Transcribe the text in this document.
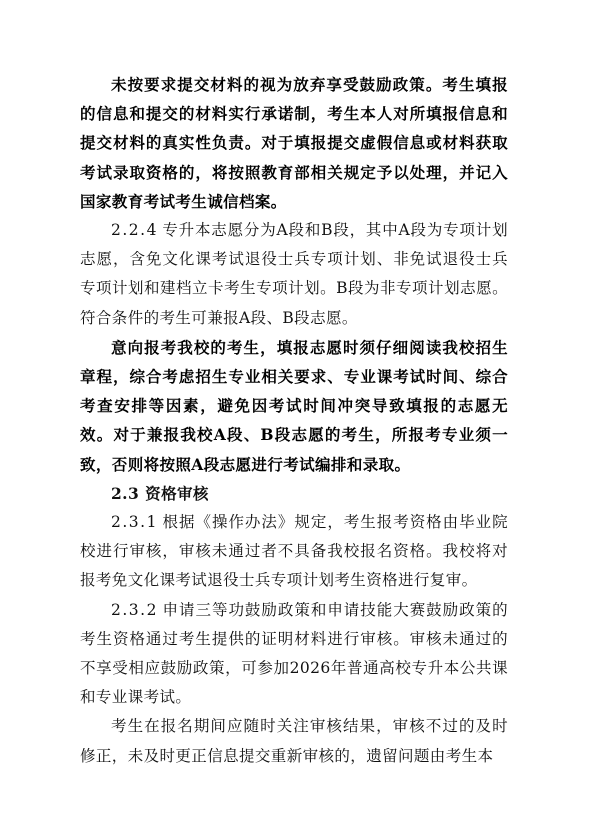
未按要求提交材料的视为放弃享受鼓励政策。考生填报的信息和提交的材料实行承诺制，考生本人对所填报信息和提交材料的真实性负责。对于填报提交虚假信息或材料获取考试录取资格的，将按照教育部相关规定予以处理，并记入国家教育考试考生诚信档案。

2.2.4 专升本志愿分为A段和B段，其中A段为专项计划志愿，含免文化课考试退役士兵专项计划、非免试退役士兵专项计划和建档立卡考生专项计划。B段为非专项计划志愿。符合条件的考生可兼报A段、B段志愿。

意向报考我校的考生，填报志愿时须仔细阅读我校招生章程，综合考虑招生专业相关要求、专业课考试时间、综合考查安排等因素，避免因考试时间冲突导致填报的志愿无效。对于兼报我校A段、B段志愿的考生，所报考专业须一致，否则将按照A段志愿进行考试编排和录取。

2.3 资格审核

2.3.1 根据《操作办法》规定，考生报考资格由毕业院校进行审核，审核未通过者不具备我校报名资格。我校将对报考免文化课考试退役士兵专项计划考生资格进行复审。

2.3.2 申请三等功鼓励政策和申请技能大赛鼓励政策的考生资格通过考生提供的证明材料进行审核。审核未通过的不享受相应鼓励政策，可参加2026年普通高校专升本公共课和专业课考试。

考生在报名期间应随时关注审核结果，审核不过的及时修正，未及时更正信息提交重新审核的，遗留问题由考生本
